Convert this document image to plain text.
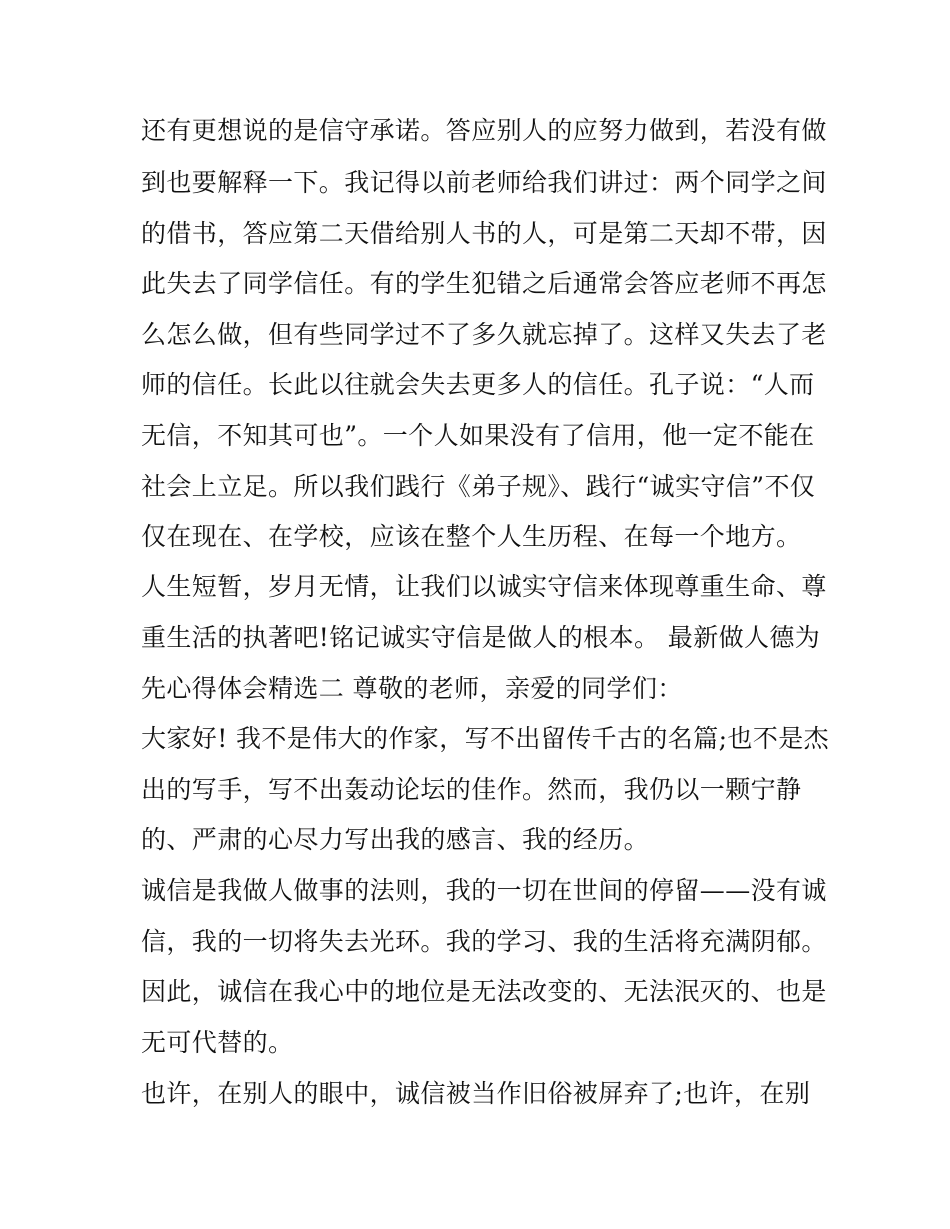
还有更想说的是信守承诺。答应别人的应努力做到，若没有做
到也要解释一下。我记得以前老师给我们讲过：两个同学之间
的借书，答应第二天借给别人书的人，可是第二天却不带，因
此失去了同学信任。有的学生犯错之后通常会答应老师不再怎
么怎么做，但有些同学过不了多久就忘掉了。这样又失去了老
师的信任。长此以往就会失去更多人的信任。孔子说：“人而
无信，不知其可也”。一个人如果没有了信用，他一定不能在
社会上立足。所以我们践行《弟子规》、践行“诚实守信”不仅
仅在现在、在学校，应该在整个人生历程、在每一个地方。
人生短暂，岁月无情，让我们以诚实守信来体现尊重生命、尊
重生活的执著吧!铭记诚实守信是做人的根本。 最新做人德为
先心得体会精选二 尊敬的老师，亲爱的同学们：
大家好! 我不是伟大的作家，写不出留传千古的名篇;也不是杰
出的写手，写不出轰动论坛的佳作。然而，我仍以一颗宁静
的、严肃的心尽力写出我的感言、我的经历。
诚信是我做人做事的法则，我的一切在世间的停留——没有诚
信，我的一切将失去光环。我的学习、我的生活将充满阴郁。
因此，诚信在我心中的地位是无法改变的、无法泯灭的、也是
无可代替的。
也许，在别人的眼中，诚信被当作旧俗被屏弃了;也许，在别
